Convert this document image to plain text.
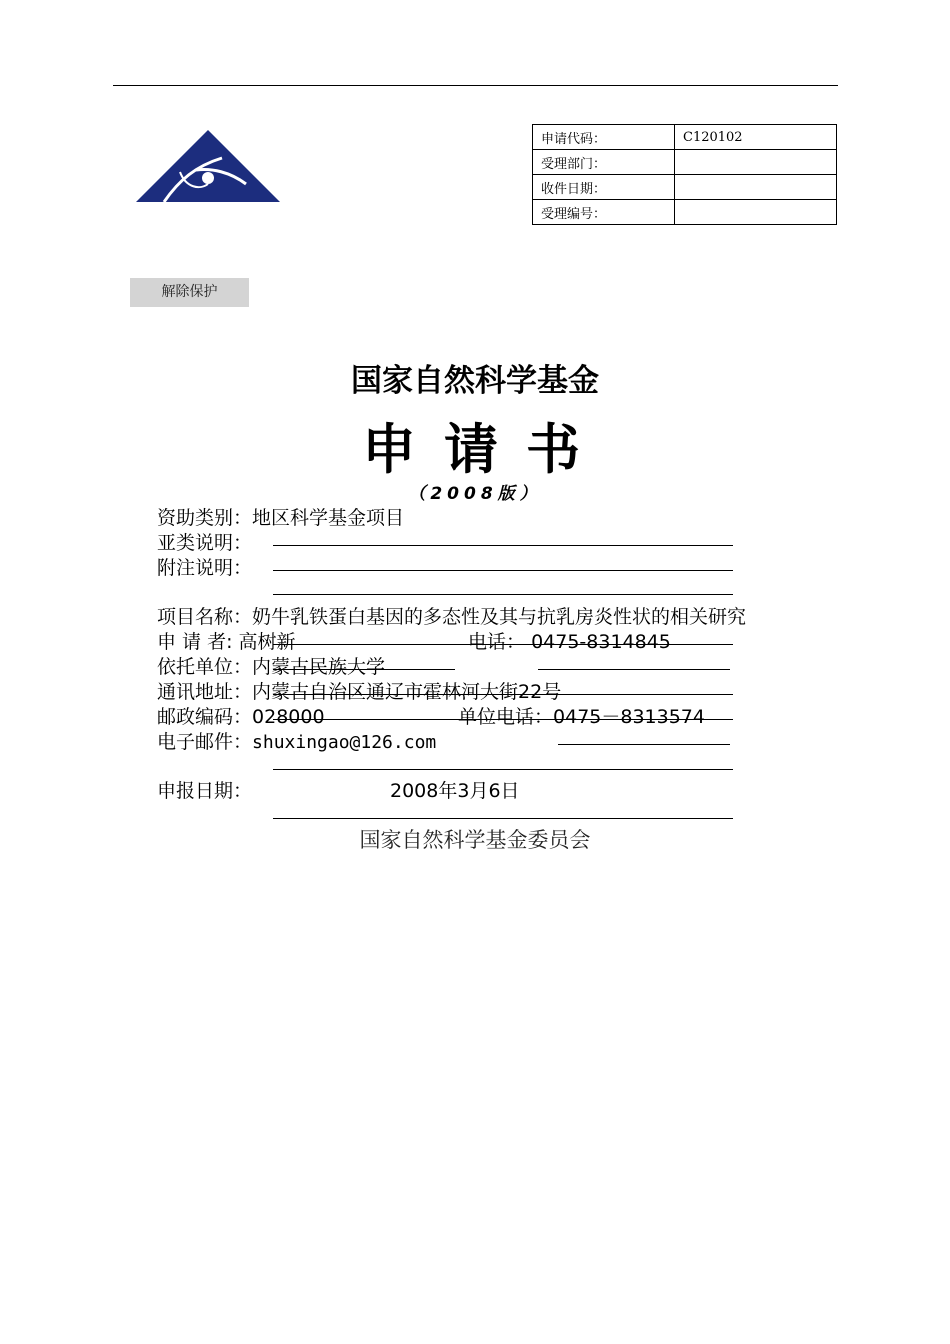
申请代码：	C120102
受理部门：	
收件日期：	
受理编号：	
解除保护
国家自然科学基金
申请书
（2008版）
资助类别：地区科学基金项目
亚类说明：
附注说明：
项目名称：奶牛乳铁蛋白基因的多态性及其与抗乳房炎性状的相关研究
申 请 者: 高树新	电话： 0475-8314845
依托单位：内蒙古民族大学
通讯地址：内蒙古自治区通辽市霍林河大街22号
邮政编码：028000	单位电话：0475－8313574
电子邮件：shuxingao@126.com
申报日期：	2008年3月6日
国家自然科学基金委员会
